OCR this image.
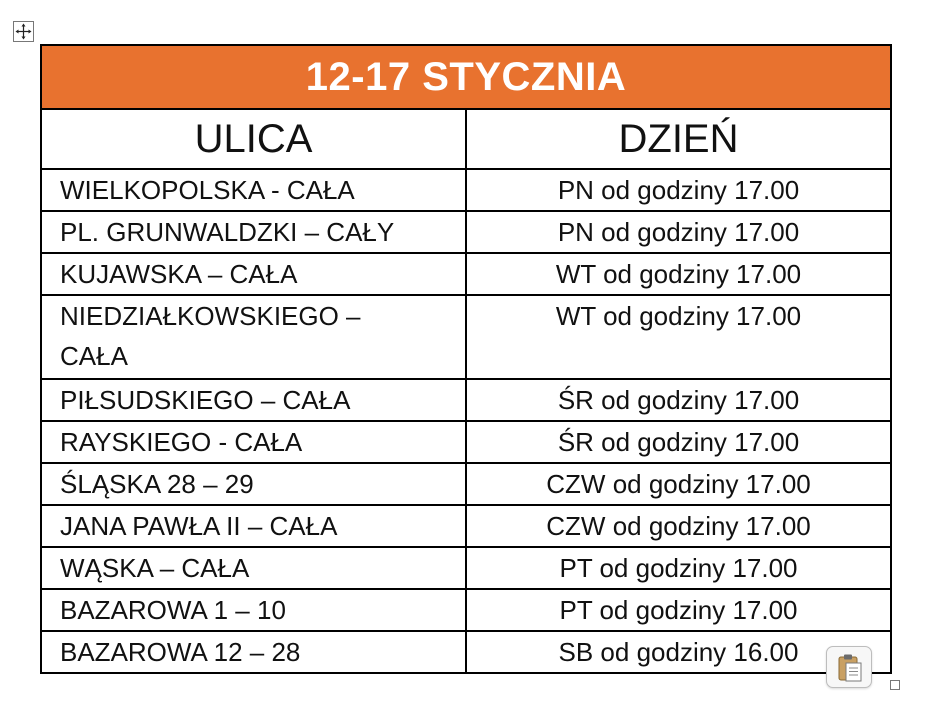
12-17 STYCZNIA	
ULICA	DZIEŃ
WIELKOPOLSKA - CAŁA	PN od godziny 17.00
PL. GRUNWALDZKI – CAŁY	PN od godziny 17.00
KUJAWSKA – CAŁA	WT od godziny 17.00
NIEDZIAŁKOWSKIEGO – CAŁA	WT od godziny 17.00
PIŁSUDSKIEGO – CAŁA	ŚR od godziny 17.00
RAYSKIEGO - CAŁA	ŚR od godziny 17.00
ŚLĄSKA 28 – 29	CZW od godziny 17.00
JANA PAWŁA II – CAŁA	CZW od godziny 17.00
WĄSKA – CAŁA	PT od godziny 17.00
BAZAROWA 1 – 10	PT od godziny 17.00
BAZAROWA 12 – 28	SB od godziny 16.00
